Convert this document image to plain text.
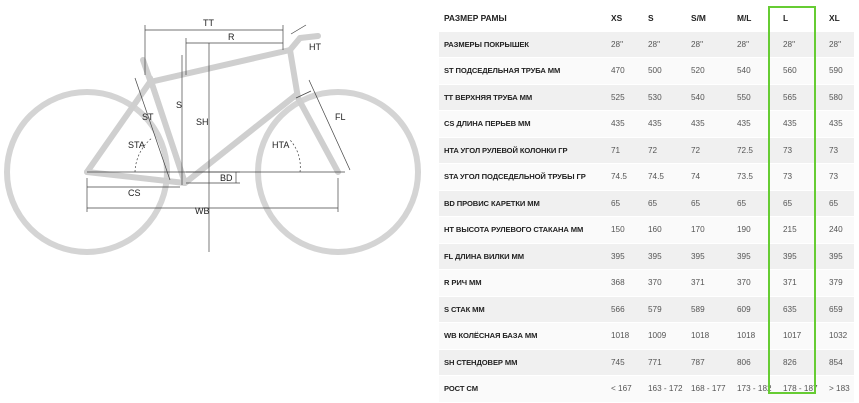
TT
R
HT
S
ST	SH	FL
STA	HTA
BD
CS
WB
РАЗМЕР РАМЫ	XS	S	S/M	M/L	L	XL
РАЗМЕРЫ ПОКРЫШЕК	28"	28"	28"	28"	28"	28"
ST ПОДСЕДЕЛЬНАЯ ТРУБА ММ	470	500	520	540	560	590
TT ВЕРХНЯЯ ТРУБА ММ	525	530	540	550	565	580
CS ДЛИНА ПЕРЬЕВ ММ	435	435	435	435	435	435
HTA УГОЛ РУЛЕВОЙ КОЛОНКИ ГР	71	72	72	72.5	73	73
STA УГОЛ ПОДСЕДЕЛЬНОЙ ТРУБЫ ГР	74.5	74.5	74	73.5	73	73
BD ПРОВИС КАРЕТКИ ММ	65	65	65	65	65	65
HT ВЫСОТА РУЛЕВОГО СТАКАНА ММ	150	160	170	190	215	240
FL ДЛИНА ВИЛКИ ММ	395	395	395	395	395	395
R РИЧ ММ	368	370	371	370	371	379
S СТАК ММ	566	579	589	609	635	659
WB КОЛЁСНАЯ БАЗА ММ	1018	1009	1018	1018	1017	1032
SH СТЕНДОВЕР ММ	745	771	787	806	826	854
РОСТ СМ	< 167	163 - 172	168 - 177	173 - 182	178 - 187	> 183
